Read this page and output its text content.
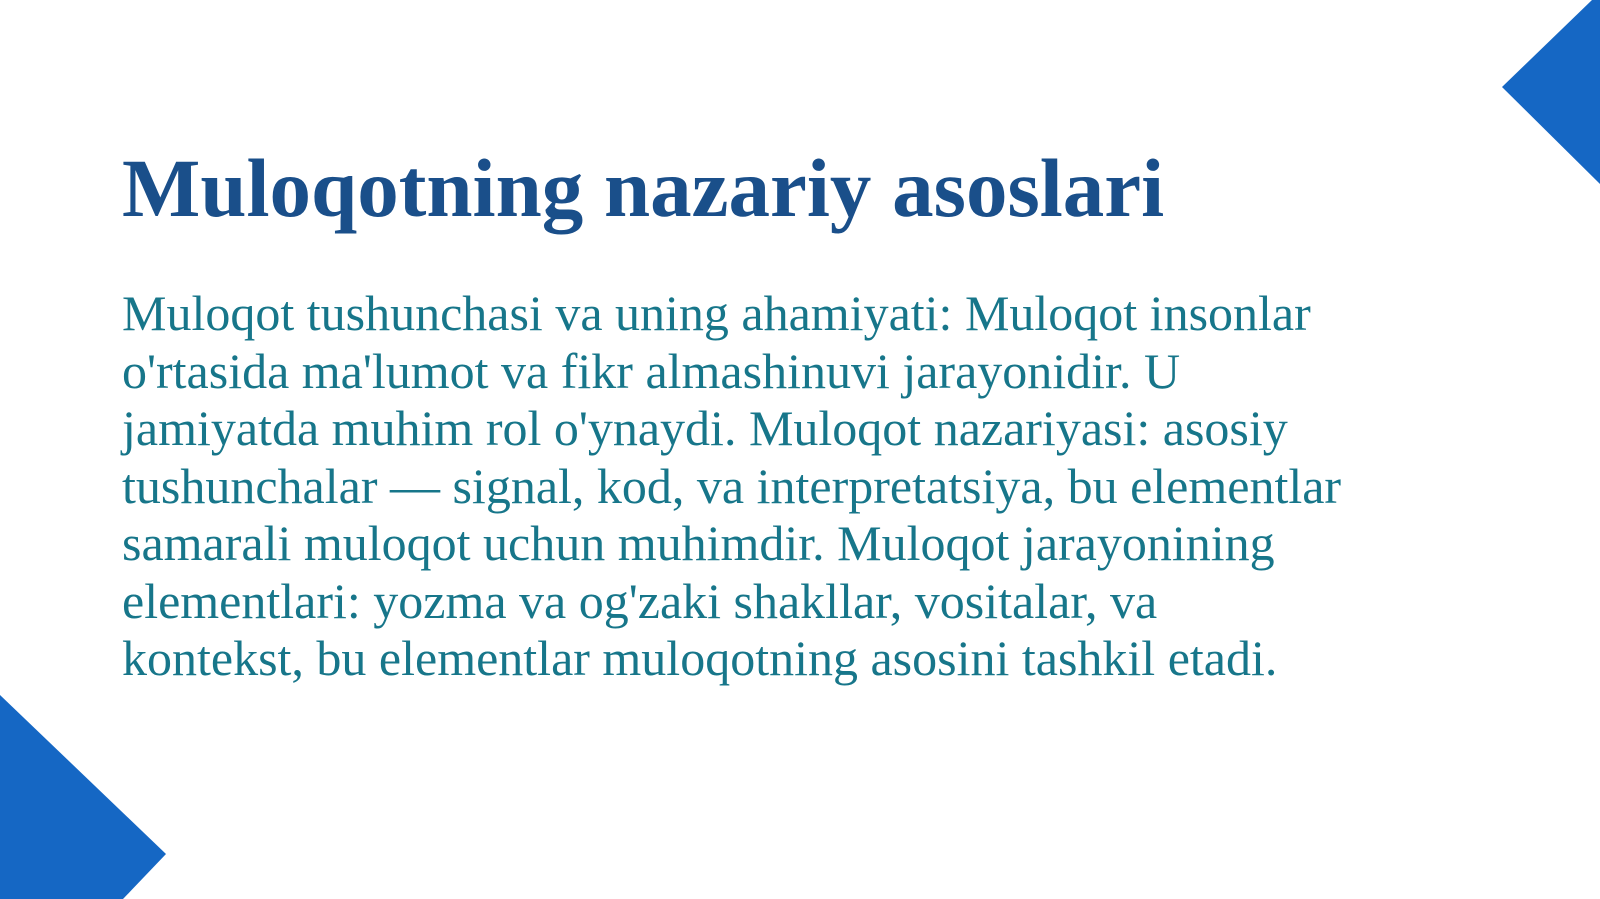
Muloqotning nazariy asoslari

Muloqot tushunchasi va uning ahamiyati: Muloqot insonlar o'rtasida ma'lumot va fikr almashinuvi jarayonidir. U jamiyatda muhim rol o'ynaydi. Muloqot nazariyasi: asosiy tushunchalar — signal, kod, va interpretatsiya, bu elementlar samarali muloqot uchun muhimdir. Muloqot jarayonining elementlari: yozma va og'zaki shakllar, vositalar, va kontekst, bu elementlar muloqotning asosini tashkil etadi.
